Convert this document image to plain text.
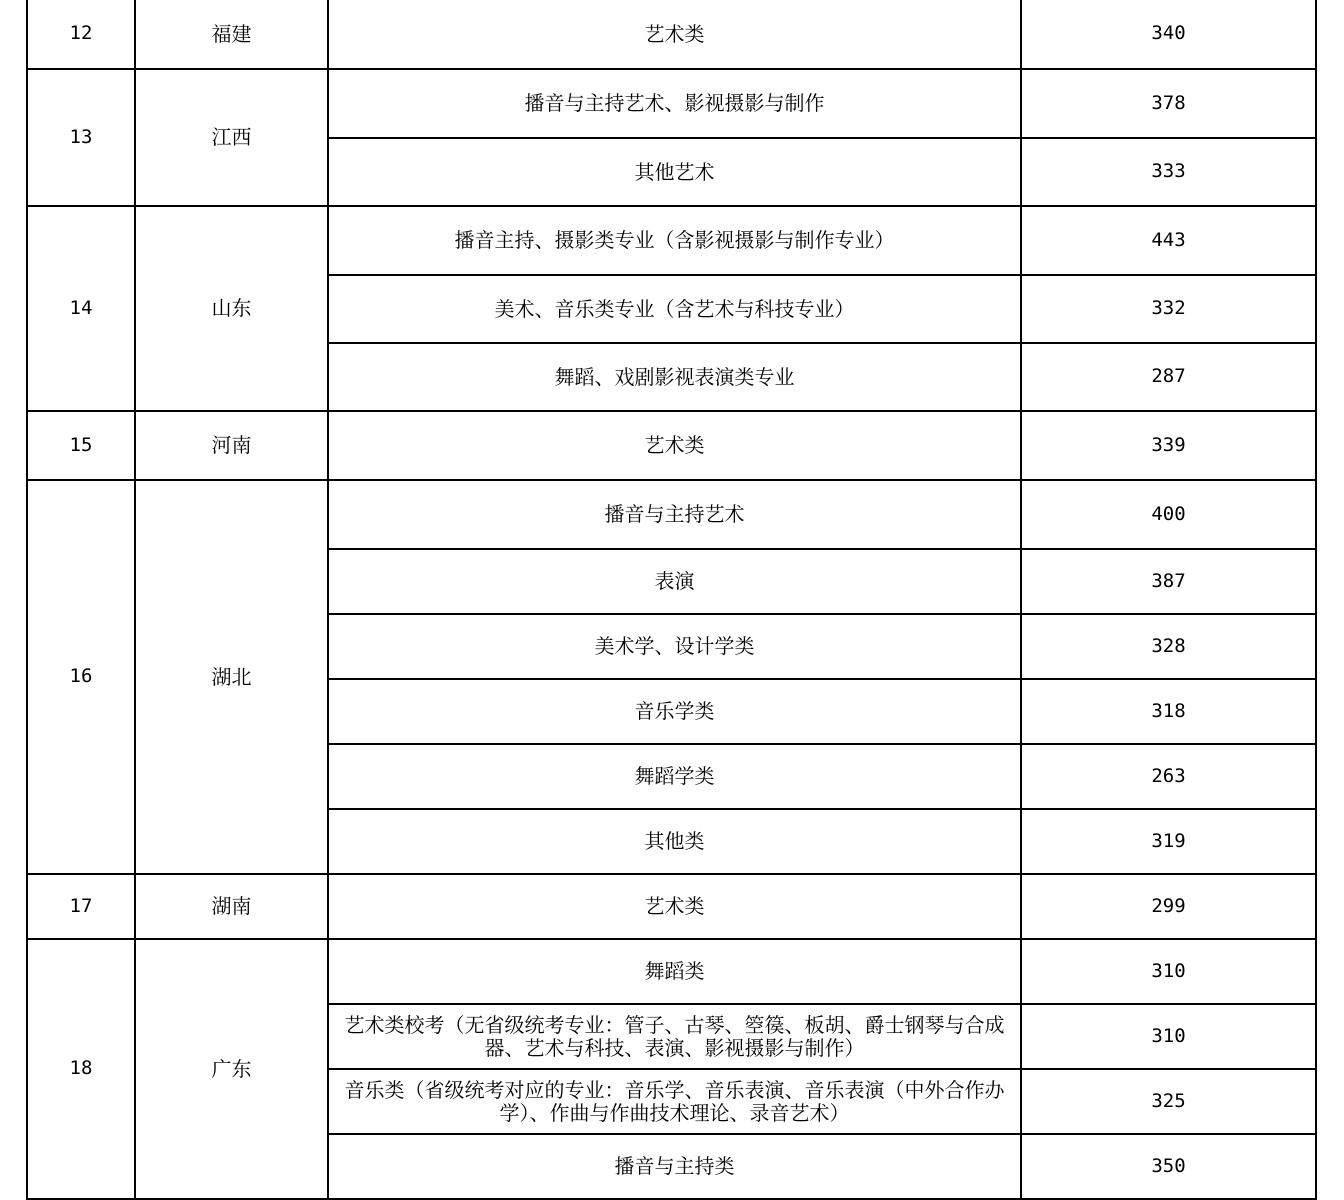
12	福建	艺术类	340
13	江西	播音与主持艺术、影视摄影与制作	378
		其他艺术	333
14	山东	播音主持、摄影类专业（含影视摄影与制作专业）	443
		美术、音乐类专业（含艺术与科技专业）	332
		舞蹈、戏剧影视表演类专业	287
15	河南	艺术类	339
16	湖北	播音与主持艺术	400
		表演	387
		美术学、设计学类	328
		音乐学类	318
		舞蹈学类	263
		其他类	319
17	湖南	艺术类	299
18	广东	舞蹈类	310
		艺术类校考（无省级统考专业：管子、古琴、箜篌、板胡、爵士钢琴与合成器、艺术与科技、表演、影视摄影与制作）	310
		音乐类（省级统考对应的专业：音乐学、音乐表演、音乐表演（中外合作办学）、作曲与作曲技术理论、录音艺术）	325
		播音与主持类	350
